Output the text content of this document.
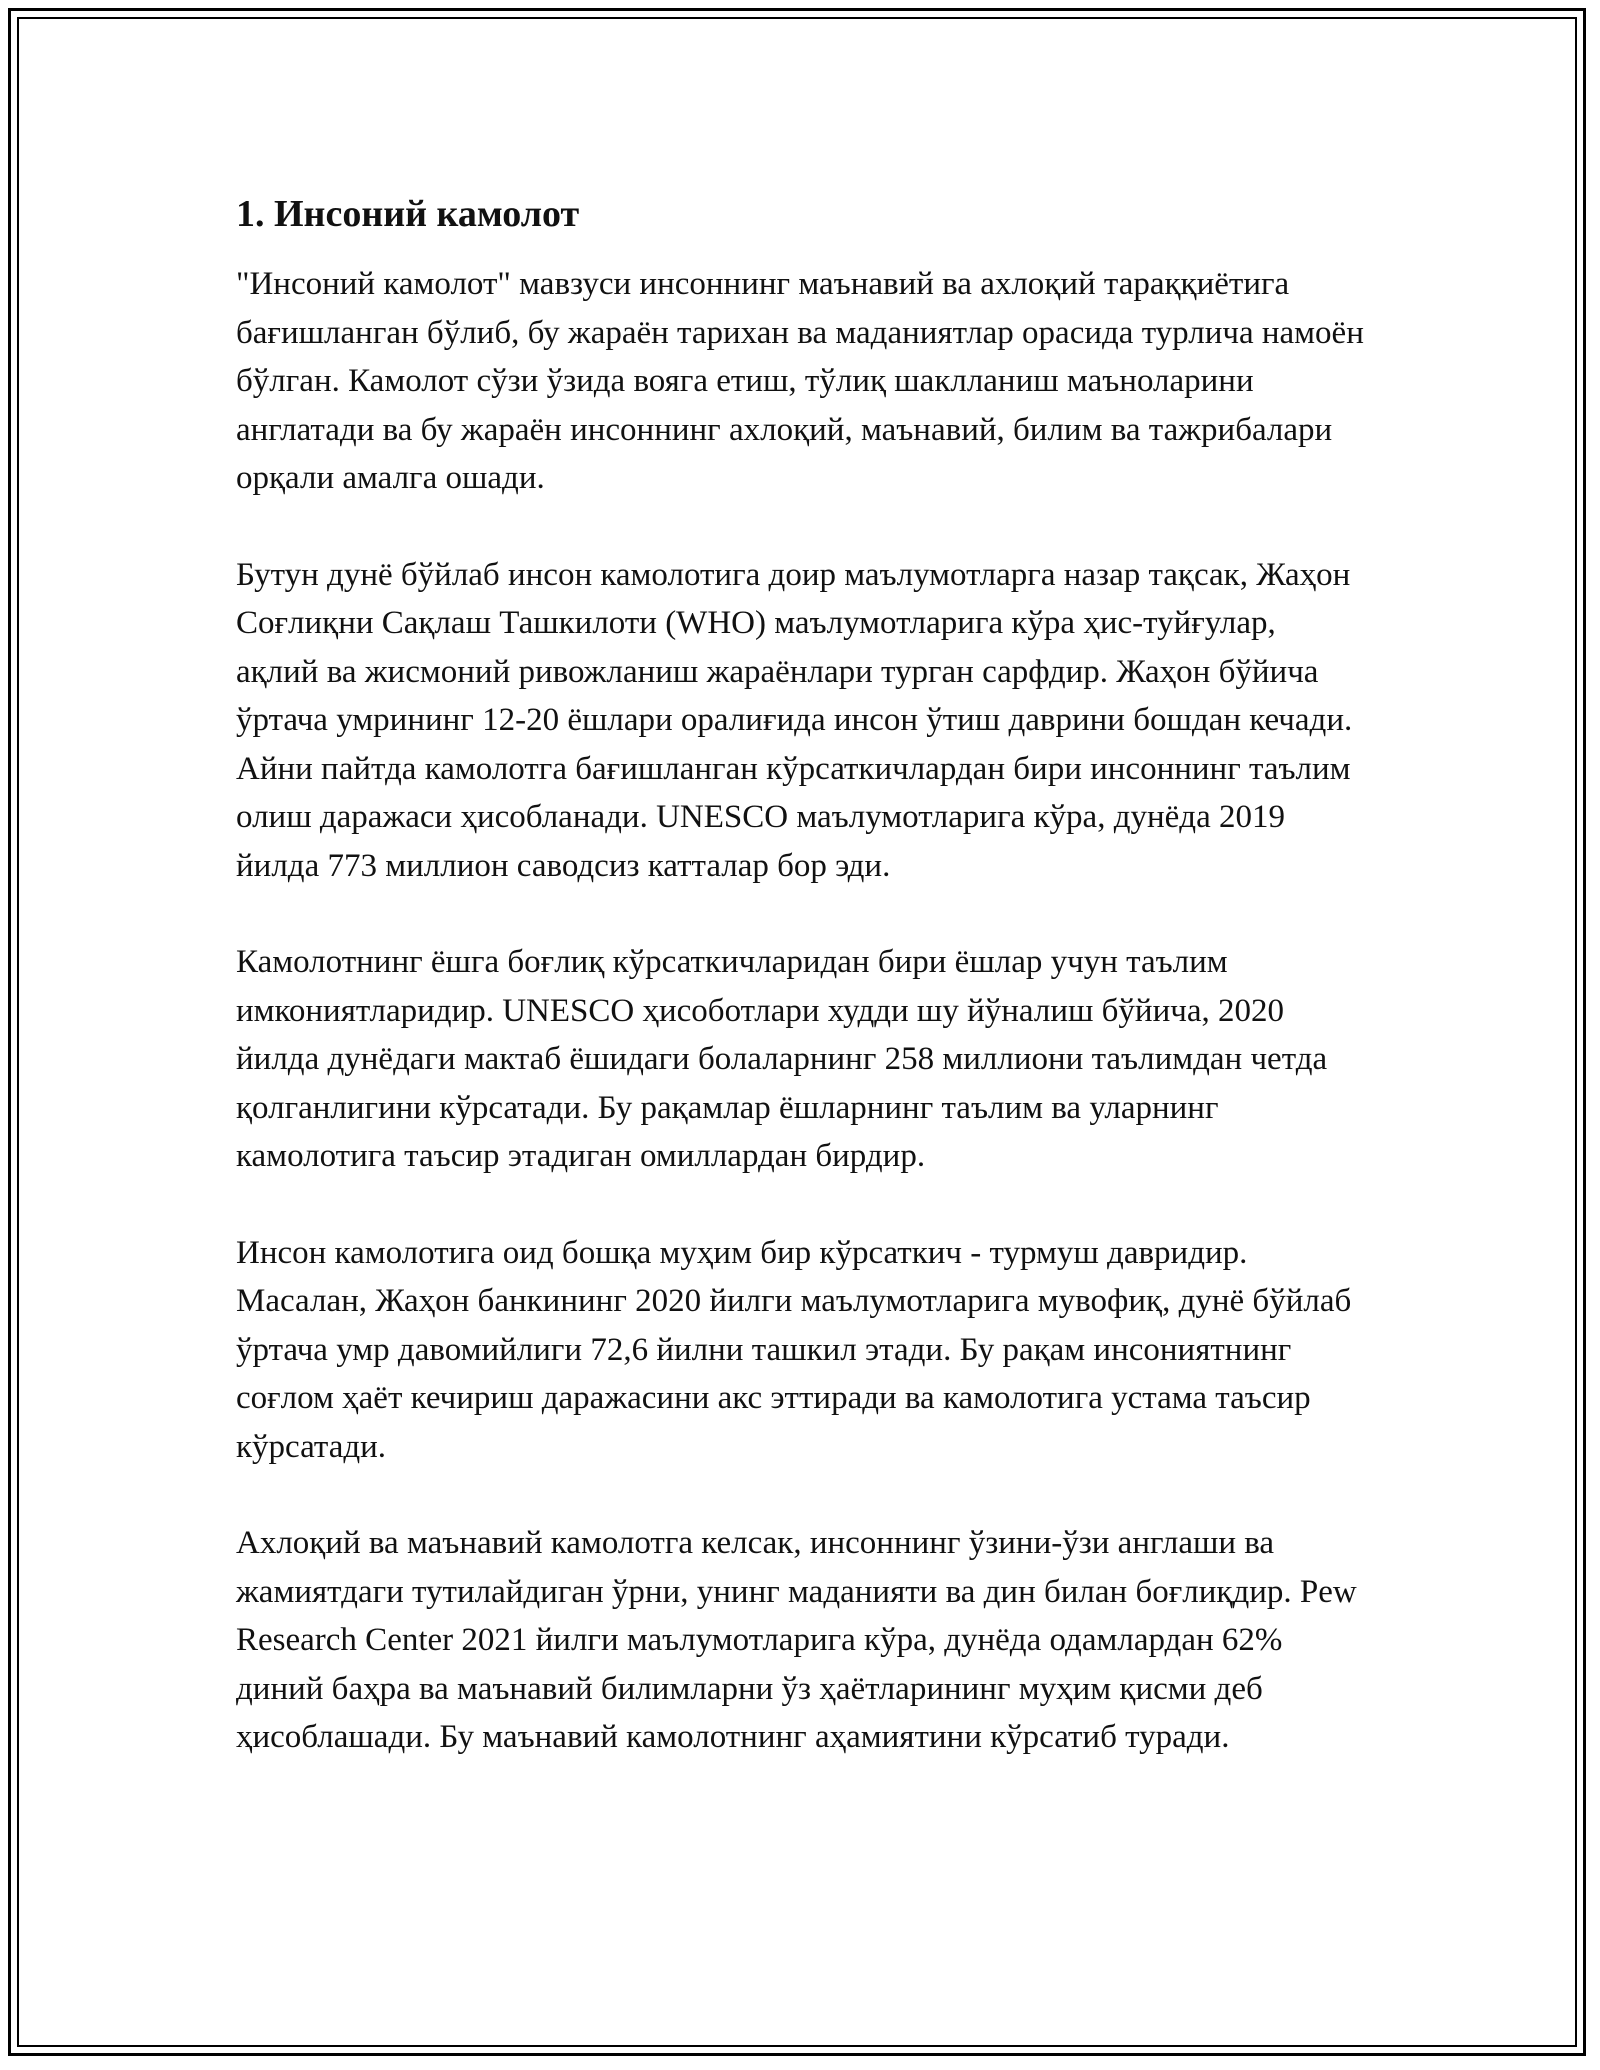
1. Инсоний камолот

"Инсоний камолот" мавзуси инсоннинг маънавий ва ахлоқий тараққиётига бағишланган бўлиб, бу жараён тарихан ва маданиятлар орасида турлича намоён бўлган. Камолот сўзи ўзида вояга етиш, тўлиқ шаклланиш маъноларини англатади ва бу жараён инсоннинг ахлоқий, маънавий, билим ва тажрибалари орқали амалга ошади.

Бутун дунё бўйлаб инсон камолотига доир маълумотларга назар тақсак, Жаҳон Соғлиқни Сақлаш Ташкилоти (WHO) маълумотларига кўра ҳис-туйғулар, ақлий ва жисмоний ривожланиш жараёнлари турган сарфдир. Жаҳон бўйича ўртача умрининг 12-20 ёшлари оралиғида инсон ўтиш даврини бошдан кечади. Айни пайтда камолотга бағишланган кўрсаткичлардан бири инсоннинг таълим олиш даражаси ҳисобланади. UNESCO маълумотларига кўра, дунёда 2019 йилда 773 миллион саводсиз катталар бор эди.

Камолотнинг ёшга боғлиқ кўрсаткичларидан бири ёшлар учун таълим имкониятларидир. UNESCO ҳисоботлари худди шу йўналиш бўйича, 2020 йилда дунёдаги мактаб ёшидаги болаларнинг 258 миллиони таълимдан четда қолганлигини кўрсатади. Бу рақамлар ёшларнинг таълим ва уларнинг камолотига таъсир этадиган омиллардан бирдир.

Инсон камолотига оид бошқа муҳим бир кўрсаткич - турмуш давридир. Масалан, Жаҳон банкининг 2020 йилги маълумотларига мувофиқ, дунё бўйлаб ўртача умр давомийлиги 72,6 йилни ташкил этади. Бу рақам инсониятнинг соғлом ҳаёт кечириш даражасини акс эттиради ва камолотига устама таъсир кўрсатади.

Ахлоқий ва маънавий камолотга келсак, инсоннинг ўзини-ўзи англаши ва жамиятдаги тутилайдиган ўрни, унинг маданияти ва дин билан боғлиқдир. Pew Research Center 2021 йилги маълумотларига кўра, дунёда одамлардан 62% диний баҳра ва маънавий билимларни ўз ҳаётларининг муҳим қисми деб ҳисоблашади. Бу маънавий камолотнинг аҳамиятини кўрсатиб туради.
